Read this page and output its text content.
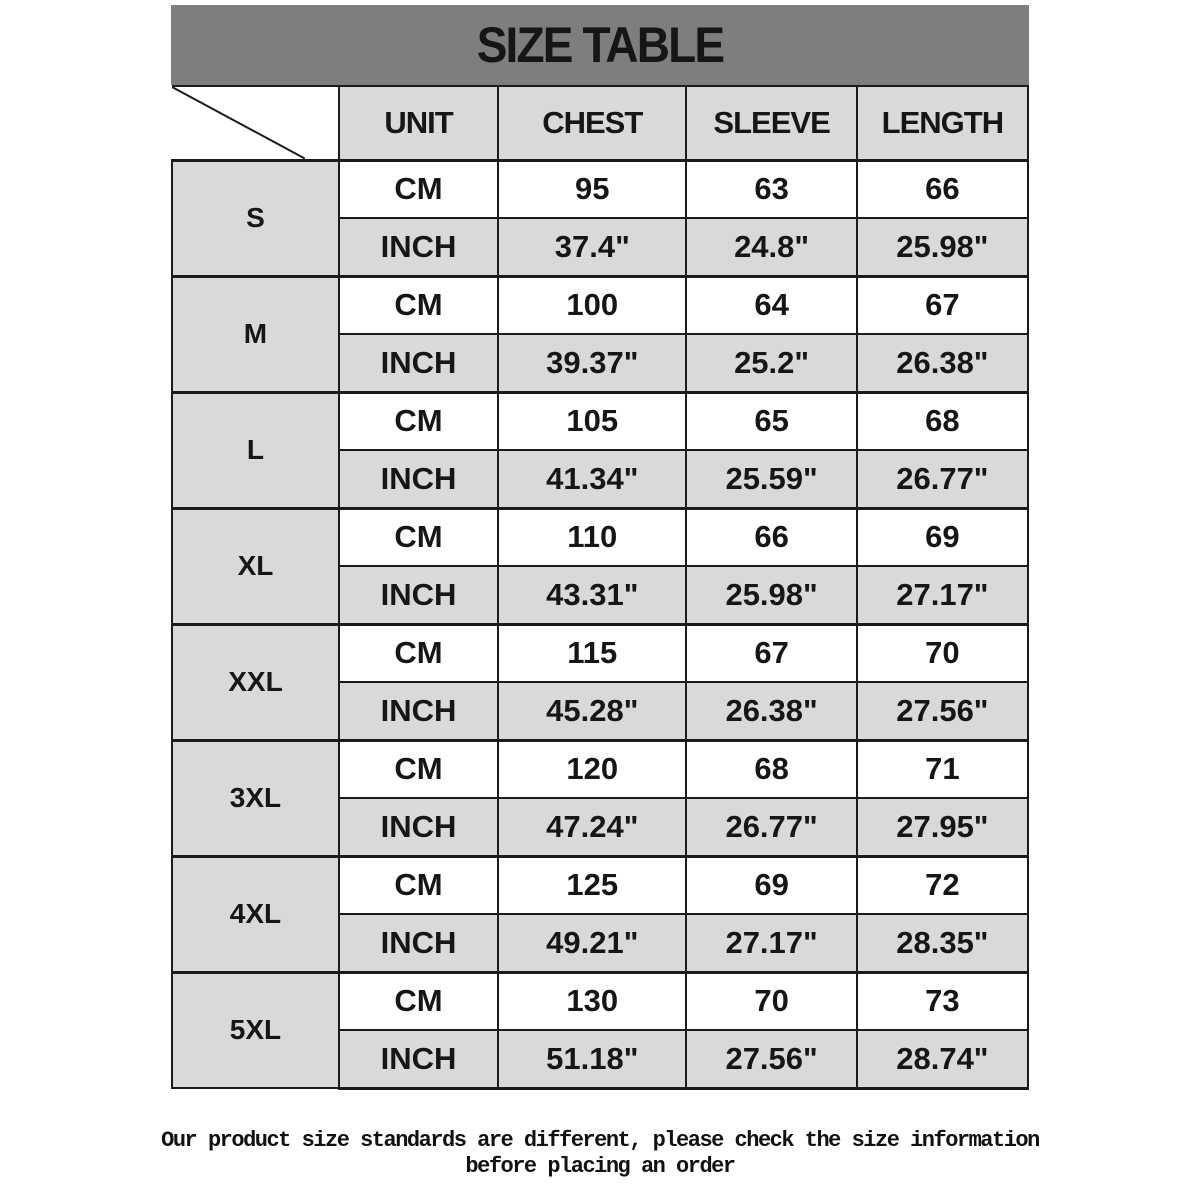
SIZE TABLE
	UNIT	CHEST	SLEEVE	LENGTH
S	CM	95	63	66
	INCH	37.4"	24.8"	25.98"
M	CM	100	64	67
	INCH	39.37"	25.2"	26.38"
L	CM	105	65	68
	INCH	41.34"	25.59"	26.77"
XL	CM	110	66	69
	INCH	43.31"	25.98"	27.17"
XXL	CM	115	67	70
	INCH	45.28"	26.38"	27.56"
3XL	CM	120	68	71
	INCH	47.24"	26.77"	27.95"
4XL	CM	125	69	72
	INCH	49.21"	27.17"	28.35"
5XL	CM	130	70	73
	INCH	51.18"	27.56"	28.74"
Our product size standards are different, please check the size information
before placing an order
